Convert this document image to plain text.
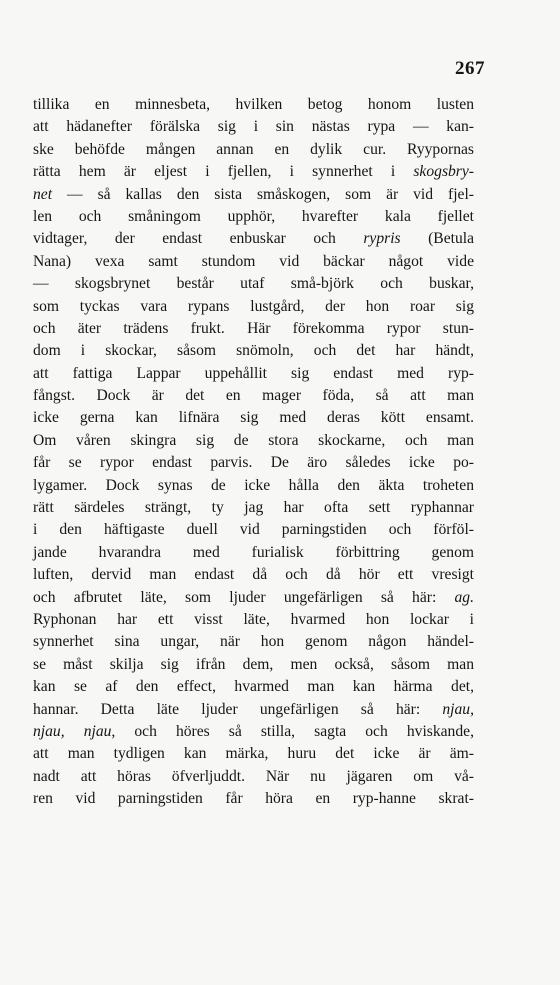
267
tillika en minnesbeta, hvilken betog honom lusten
att hädanefter förälska sig i sin nästas rypa — kan-
ske behöfde mången annan en dylik cur. Ryypornas
rätta hem är eljest i fjellen, i synnerhet i skogsbry-
net — så kallas den sista småskogen, som är vid fjel-
len och småningom upphör, hvarefter kala fjellet
vidtager, der endast enbuskar och rypris (Betula
Nana) vexa samt stundom vid bäckar något vide
— skogsbrynet består utaf små-björk och buskar,
som tyckas vara rypans lustgård, der hon roar sig
och äter trädens frukt. Här förekomma rypor stun-
dom i skockar, såsom snömoln, och det har händt,
att fattiga Lappar uppehållit sig endast med ryp-
fångst. Dock är det en mager föda, så att man
icke gerna kan lifnära sig med deras kött ensamt.
Om våren skingra sig de stora skockarne, och man
får se rypor endast parvis. De äro således icke po-
lygamer. Dock synas de icke hålla den äkta troheten
rätt särdeles strängt, ty jag har ofta sett ryphannar
i den häftigaste duell vid parningstiden och förföl-
jande hvarandra med furialisk förbittring genom
luften, dervid man endast då och då hör ett vresigt
och afbrutet läte, som ljuder ungefärligen så här: ag.
Ryphonan har ett visst läte, hvarmed hon lockar i
synnerhet sina ungar, när hon genom någon händel-
se måst skilja sig ifrån dem, men också, såsom man
kan se af den effect, hvarmed man kan härma det,
hannar. Detta läte ljuder ungefärligen så här: njau,
njau, njau, och höres så stilla, sagta och hviskande,
att man tydligen kan märka, huru det icke är äm-
nadt att höras öfverljuddt. När nu jägaren om vå-
ren vid parningstiden får höra en ryp-hanne skrat-
